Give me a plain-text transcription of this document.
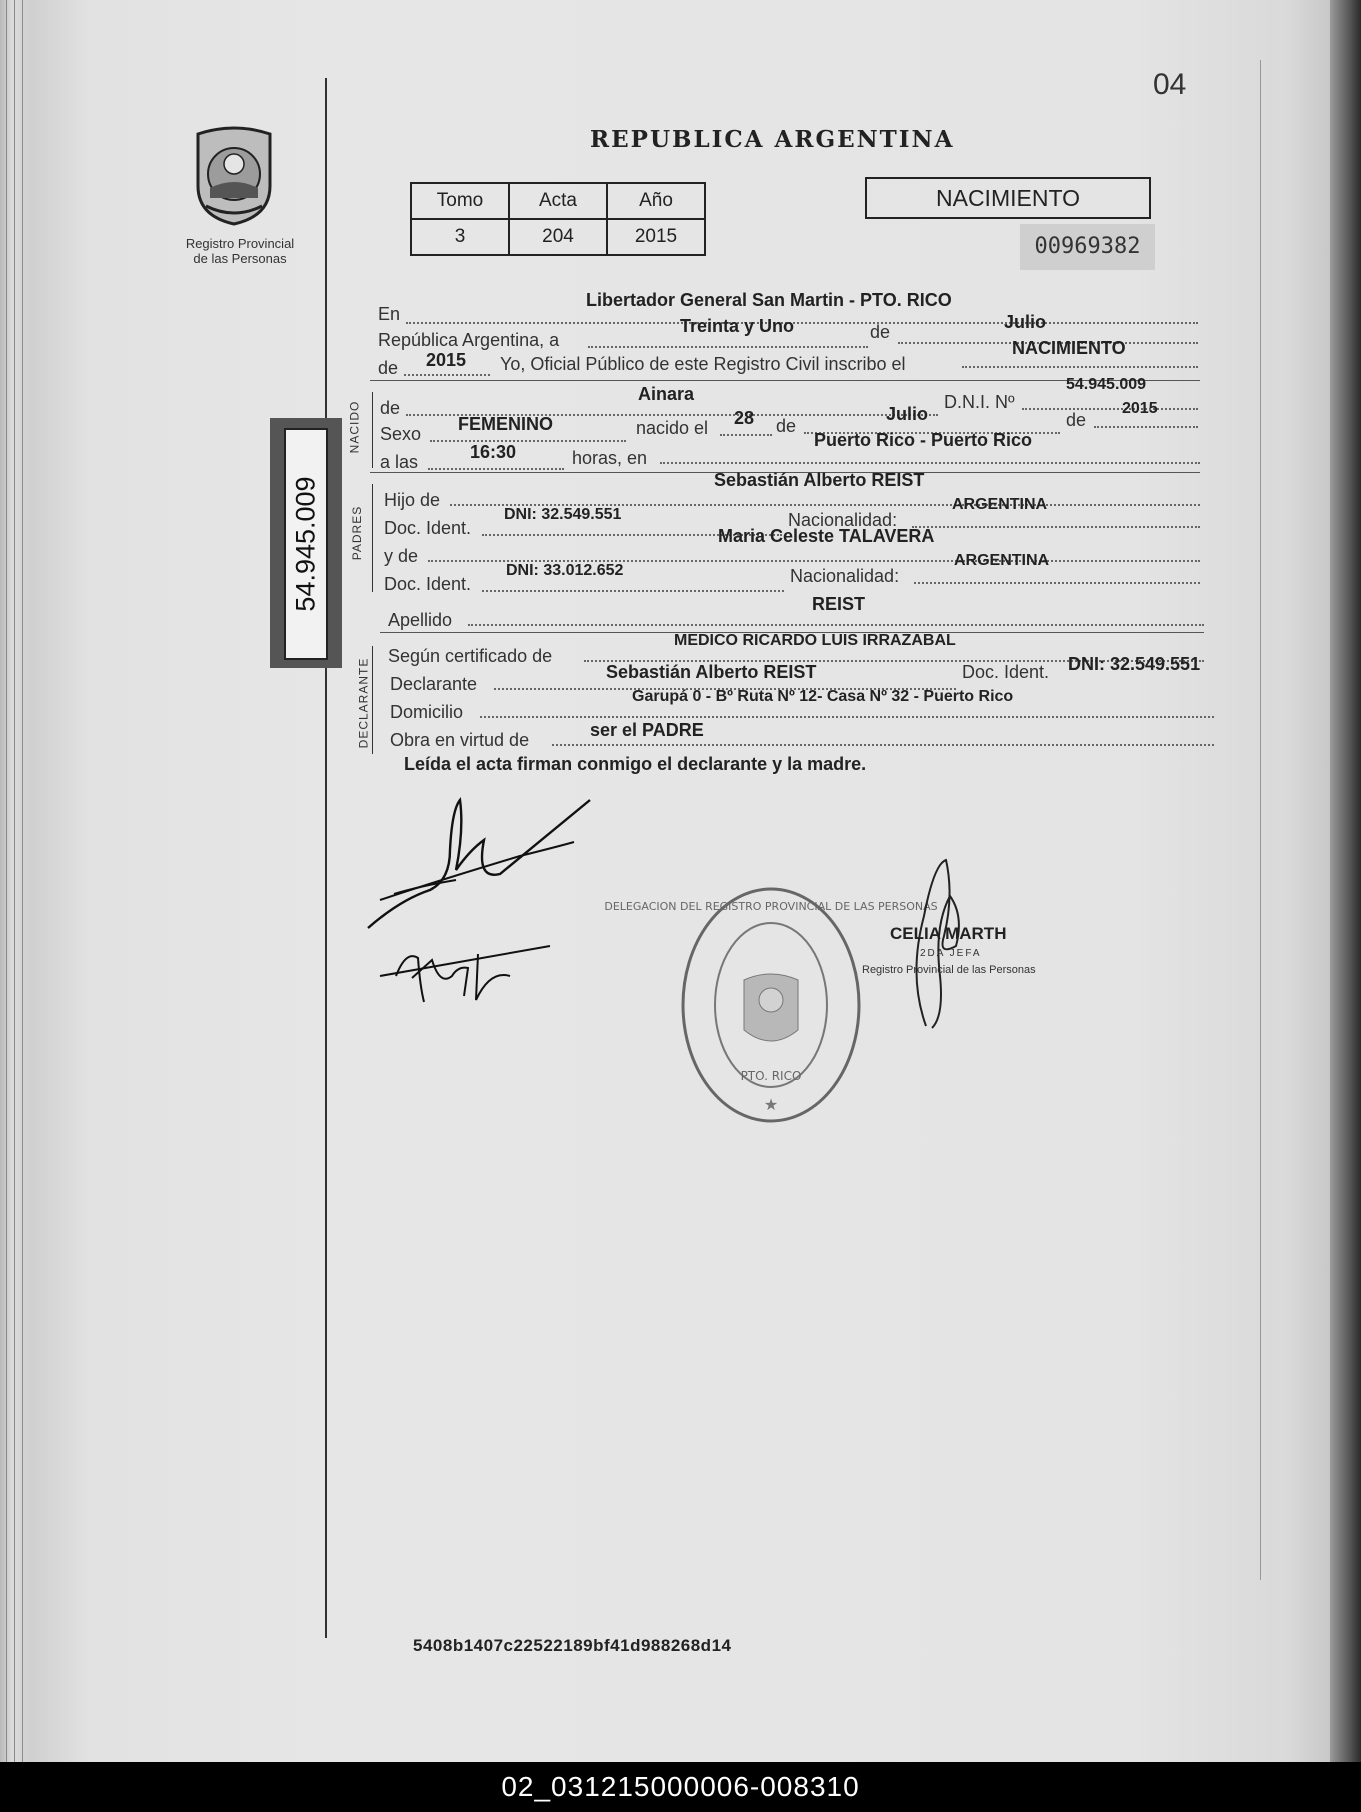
04
Registro Provincial
de las Personas
REPUBLICA ARGENTINA
Tomo	Acta	Año
3	204	2015
NACIMIENTO
00969382
54.945.009
En
Libertador General San Martin - PTO. RICO
República Argentina, a
Treinta y Uno	de	Julio
de 2015 Yo, Oficial Público de este Registro Civil inscribo el
NACIMIENTO
NACIDO de
Ainara	D.N.I. Nº
54.945.009
Sexo FEMENINO	nacido el 28 de
Julio	de
2015
a las	16:30	horas, en
Puerto Rico - Puerto Rico
PADRES
Hijo de
Sebastián Alberto REIST
Doc. Ident.
DNI: 32.549.551	Nacionalidad:
ARGENTINA
y de
Maria Celeste TALAVERA
Doc. Ident.
DNI: 33.012.652	Nacionalidad:
ARGENTINA
Apellido
REIST
DECLARANTE
Según certificado de
MEDICO RICARDO LUIS IRRAZABAL
Declarante
Sebastián Alberto REIST	Doc. Ident. DNI: 32.549.551
Domicilio
Garupá 0 - Bº Ruta Nº 12- Casa Nº 32 - Puerto Rico
Obra en virtud de	ser el PADRE
Leída el acta firman conmigo el declarante y la madre.
★
DELEGACION DEL REGISTRO PROVINCIAL DE LAS PERSONAS
PTO. RICO
CELIA MARTH
2DA JEFA
Registro Provincial de las Personas
5408b1407c22522189bf41d988268d14
02_031215000006-008310
